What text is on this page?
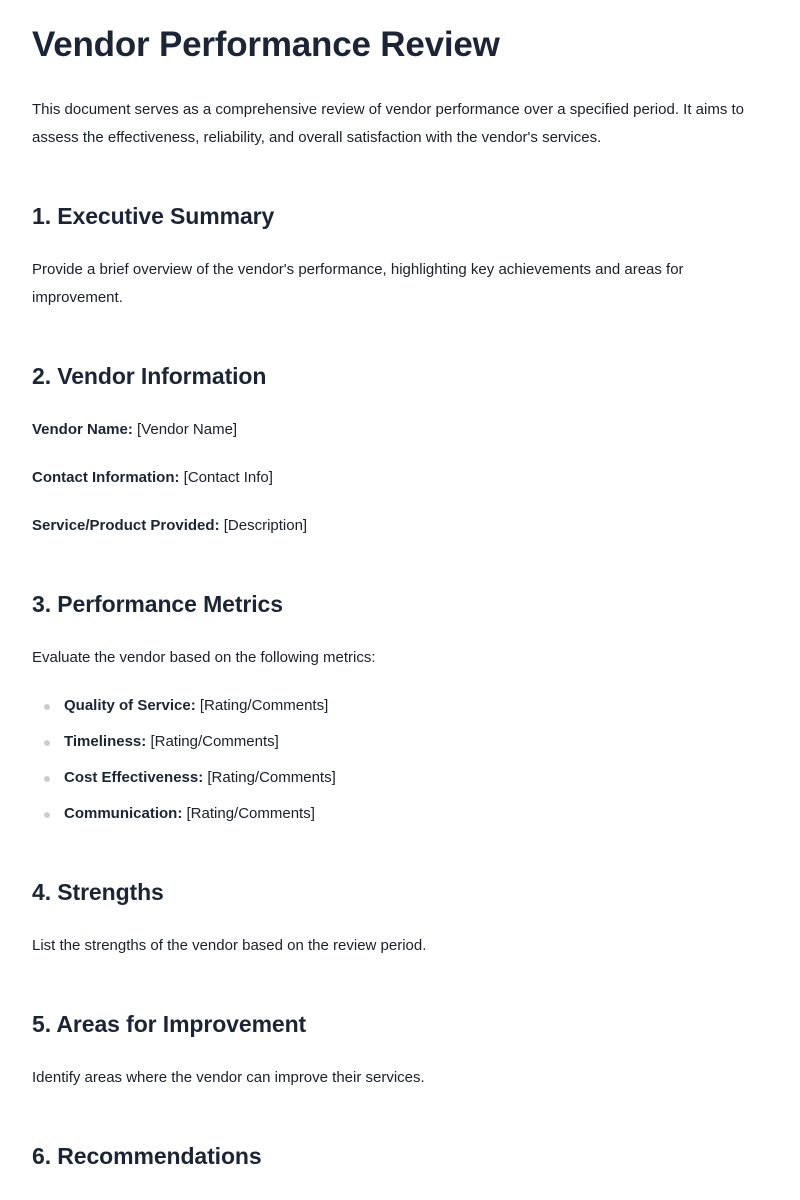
Vendor Performance Review

This document serves as a comprehensive review of vendor performance over a specified period. It aims to assess the effectiveness, reliability, and overall satisfaction with the vendor's services.

1. Executive Summary

Provide a brief overview of the vendor's performance, highlighting key achievements and areas for improvement.

2. Vendor Information

Vendor Name: [Vendor Name]

Contact Information: [Contact Info]

Service/Product Provided: [Description]

3. Performance Metrics

Evaluate the vendor based on the following metrics:

Quality of Service: [Rating/Comments]
Timeliness: [Rating/Comments]
Cost Effectiveness: [Rating/Comments]
Communication: [Rating/Comments]
4. Strengths

List the strengths of the vendor based on the review period.

5. Areas for Improvement

Identify areas where the vendor can improve their services.

6. Recommendations
